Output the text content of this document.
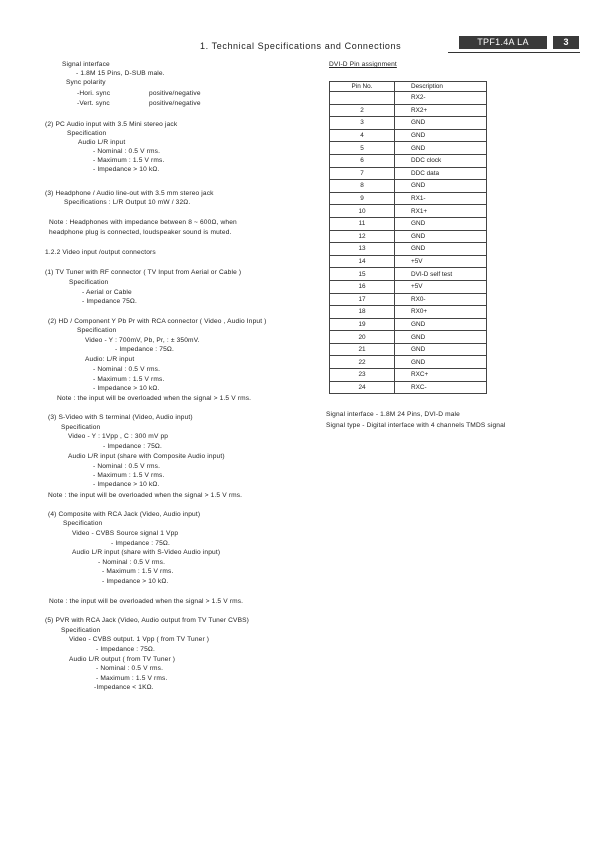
1. Technical Specifications and Connections	TPF1.4A LA	3
Signal interface
- 1.8M 15 Pins, D-SUB male.
Sync polarity
-Hori. sync	positive/negative
-Vert. sync	positive/negative
(2) PC Audio input with 3.5 Mini stereo jack
Specification
Audio L/R input
- Nominal : 0.5 V rms.
- Maximum : 1.5 V rms.
- Impedance > 10 kΩ.
(3) Headphone / Audio line-out with 3.5 mm stereo jack
Specifications : L/R Output 10 mW / 32Ω.
Note : Headphones with impedance between 8 ~ 600Ω, when
headphone plug is connected, loudspeaker sound is muted.
1.2.2 Video input /output connectors
(1) TV Tuner with RF connector ( TV Input from Aerial or Cable )
Specification
- Aerial or Cable
- Impedance 75Ω.
(2) HD / Component Y Pb Pr with RCA connector ( Video , Audio Input )
Specification
Video - Y : 700mV, Pb, Pr, : ± 350mV.
- Impedance : 75Ω.
Audio: L/R input
- Nominal : 0.5 V rms.
- Maximum : 1.5 V rms.
- Impedance > 10 kΩ.
Note : the input will be overloaded when the signal > 1.5 V rms.
(3) S-Video with S terminal (Video, Audio input)
Specification
Video - Y : 1Vpp , C : 300 mV pp
- Impedance : 75Ω.
Audio L/R input (share with Composite Audio input)
- Nominal : 0.5 V rms.
- Maximum : 1.5 V rms.
- Impedance > 10 kΩ.
Note : the input will be overloaded when the signal > 1.5 V rms.
(4) Composite with RCA Jack (Video, Audio input)
Specification
Video - CVBS Source signal 1 Vpp
- Impedance : 75Ω.
Audio L/R input (share with S-Video Audio input)
- Nominal : 0.5 V rms.
- Maximum : 1.5 V rms.
- Impedance > 10 kΩ.
Note : the input will be overloaded when the signal > 1.5 V rms.
(5) PVR with RCA Jack (Video, Audio output from TV Tuner CVBS)
Specification
Video - CVBS output. 1 Vpp ( from TV Tuner )
- Impedance : 75Ω.
Audio L/R output ( from TV Tuner )
- Nominal : 0.5 V rms.
- Maximum : 1.5 V rms.
-Impedance < 1KΩ.
DVI-D Pin assignment
Pin No.	Description
	RX2-
2	RX2+
3	GND
4	GND
5	GND
6	DDC clock
7	DDC data
8	GND
9	RX1-
10	RX1+
11	GND
12	GND
13	GND
14	+5V
15	DVI-D self test
16	+5V
17	RX0-
18	RX0+
19	GND
20	GND
21	GND
22	GND
23	RXC+
24	RXC-
Signal interface - 1.8M 24 Pins, DVI-D male
Signal type - Digital interface with 4 channels TMDS signal
